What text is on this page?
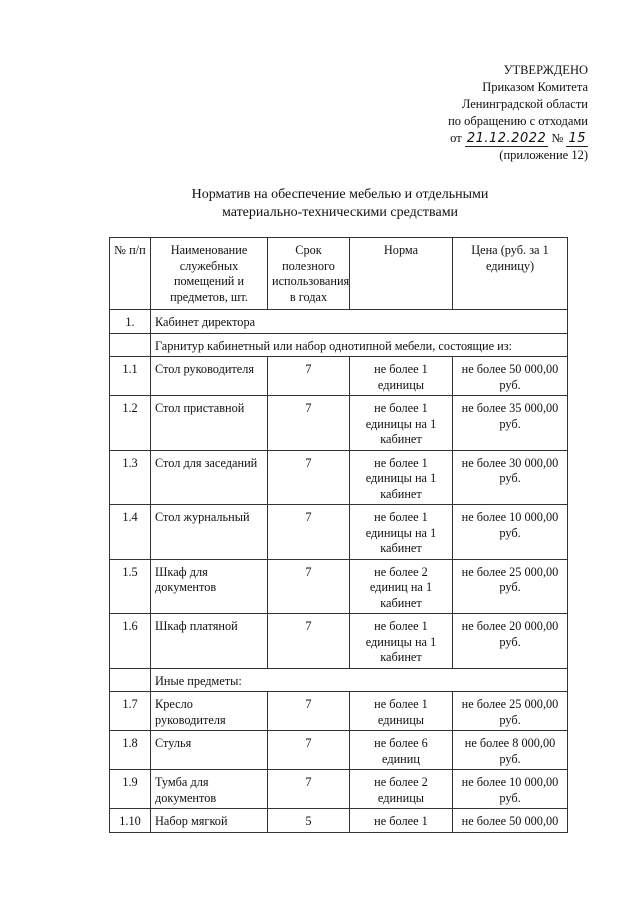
УТВЕРЖДЕНО
Приказом Комитета
Ленинградской области
по обращению с отходами
от 21.12.2022 № 15
(приложение 12)
Норматив на обеспечение мебелью и отдельными
материально-техническими средствами
№ п/п	Наименование служебных помещений и предметов, шт.	Срок полезного использования в годах	Норма	Цена (руб. за 1 единицу)
1.	Кабинет директора			
	Гарнитур кабинетный или набор однотипной мебели, состоящие из:			
1.1	Стол руководителя	7	не более 1 единицы	не более 50 000,00 руб.
1.2	Стол приставной	7	не более 1 единицы на 1 кабинет	не более 35 000,00 руб.
1.3	Стол для заседаний	7	не более 1 единицы на 1 кабинет	не более 30 000,00 руб.
1.4	Стол журнальный	7	не более 1 единицы на 1 кабинет	не более 10 000,00 руб.
1.5	Шкаф для документов	7	не более 2 единиц на 1 кабинет	не более 25 000,00 руб.
1.6	Шкаф платяной	7	не более 1 единицы на 1 кабинет	не более 20 000,00 руб.
	Иные предметы:			
1.7	Кресло руководителя	7	не более 1 единицы	не более 25 000,00 руб.
1.8	Стулья	7	не более 6 единиц	не более 8 000,00 руб.
1.9	Тумба для документов	7	не более 2 единицы	не более 10 000,00 руб.
1.10	Набор мягкой	5	не более 1	не более 50 000,00
